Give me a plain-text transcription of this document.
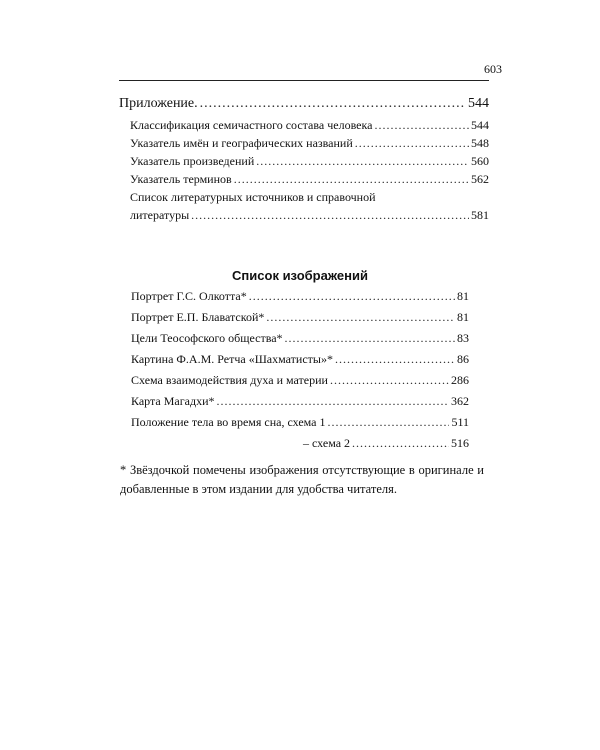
603
Приложение. .....	544
Классификация семичастного состава человека .....	544
Указатель имён и географических названий .....	548
Указатель произведений .....	560
Указатель терминов .....	562
Список литературных источников и справочной
литературы .....	581
Список изображений
Портрет Г.С. Олкотта* .....	81
Портрет Е.П. Блаватской* .....	81
Цели Теософского общества* .....	83
Картина Ф.А.М. Ретча «Шахматисты»* .....	86
Схема взаимодействия духа и материи .....	286
Карта Магадхи* .....	362
Положение тела во время сна, схема 1 .....	511
– схема 2 .....	516
* Звёздочкой помечены изображения отсутствующие в оригинале и добавленные в этом издании для удобства читателя.
